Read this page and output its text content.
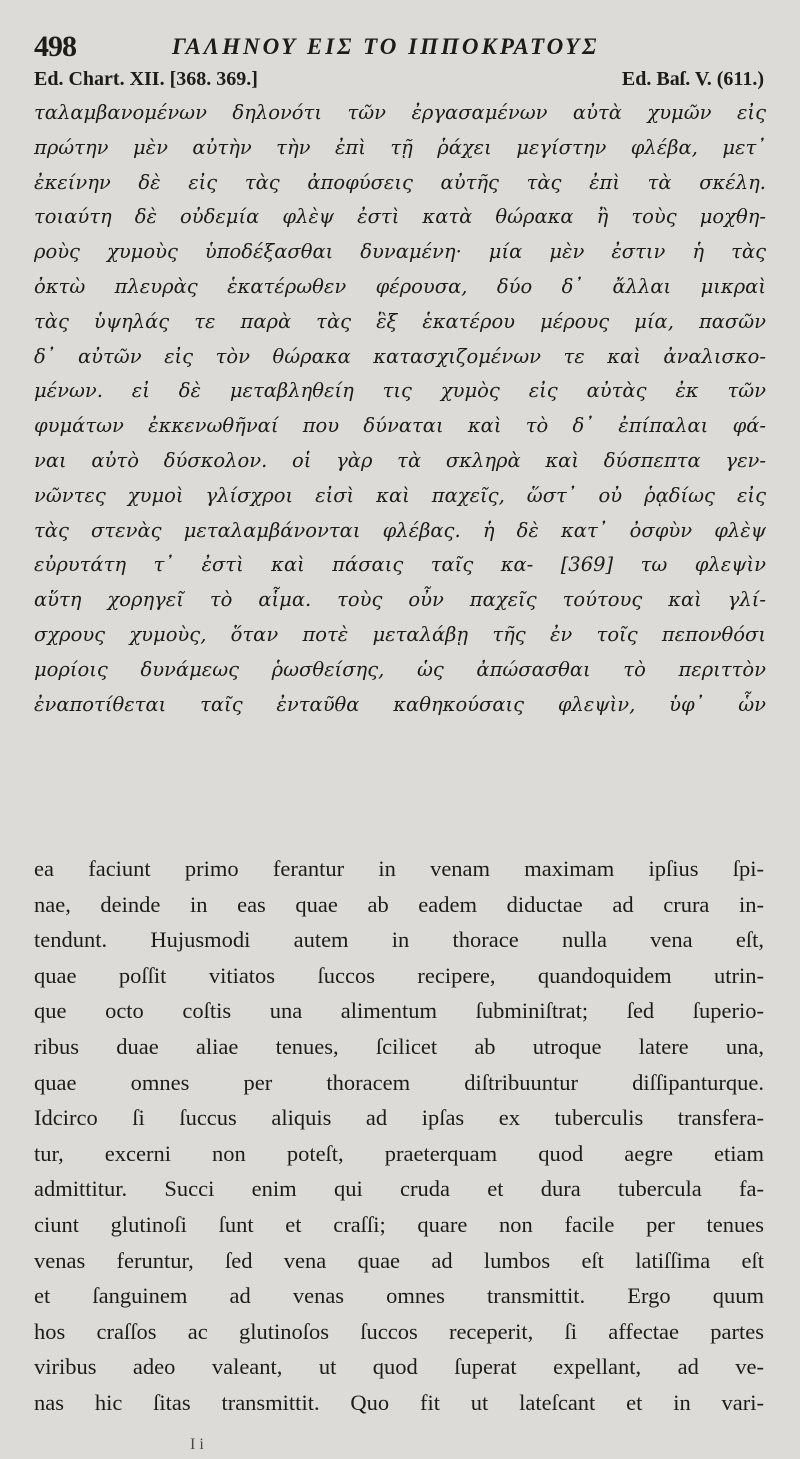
498	ΓΑΛΗΝΟΥ ΕΙΣ ΤΟ ΙΠΠΟΚΡΑΤΟΥΣ
Ed. Chart. XII. [368. 369.]	Ed. Baſ. V. (611.)
ταλαμβανομένων δηλονότι τῶν ἐργασαμένων αὐτὰ χυμῶν εἰς
πρώτην μὲν αὐτὴν τὴν ἐπὶ τῇ ῥάχει μεγίστην φλέβα, μετ᾽
ἐκείνην δὲ εἰς τὰς ἀποφύσεις αὐτῆς τὰς ἐπὶ τὰ σκέλη.
τοιαύτη δὲ οὐδεμία φλὲψ ἐστὶ κατὰ θώρακα ἢ τοὺς μοχθη-
ροὺς χυμοὺς ὑποδέξασθαι δυναμένη· μία μὲν ἐστιν ἡ τὰς
ὀκτὼ πλευρὰς ἑκατέρωθεν φέρουσα, δύο δ᾽ ἄλλαι μικραὶ
τὰς ὑψηλάς τε παρὰ τὰς ἓξ ἑκατέρου μέρους μία, πασῶν
δ᾽ αὐτῶν εἰς τὸν θώρακα κατασχιζομένων τε καὶ ἀναλισκο-
μένων. εἰ δὲ μεταβληθείη τις χυμὸς εἰς αὐτὰς ἐκ τῶν
φυμάτων ἐκκενωθῆναί που δύναται καὶ τὸ δ᾽ ἐπίπαλαι φά-
ναι αὐτὸ δύσκολον. οἱ γὰρ τὰ σκληρὰ καὶ δύσπεπτα γεν-
νῶντες χυμοὶ γλίσχροι εἰσὶ καὶ παχεῖς, ὥστ᾽ οὐ ῥᾳδίως εἰς
τὰς στενὰς μεταλαμβάνονται φλέβας. ἡ δὲ κατ᾽ ὀσφὺν φλὲψ
εὐρυτάτη τ᾽ ἐστὶ καὶ πάσαις ταῖς κα- [369] τω φλεψὶν
αὕτη χορηγεῖ τὸ αἷμα. τοὺς οὖν παχεῖς τούτους καὶ γλί-
σχρους χυμοὺς, ὅταν ποτὲ μεταλάβῃ τῆς ἐν τοῖς πεπονθόσι
μορίοις δυνάμεως ῥωσθείσης, ὡς ἀπώσασθαι τὸ περιττὸν
ἐναποτίθεται ταῖς ἐνταῦθα καθηκούσαις φλεψὶν, ὑφ᾽ ὧν
ea faciunt primo ferantur in venam maximam ipſius ſpi-
nae, deinde in eas quae ab eadem diductae ad crura in-
tendunt. Hujusmodi autem in thorace nulla vena eſt,
quae poſſit vitiatos ſuccos recipere, quandoquidem utrin-
que octo coſtis una alimentum ſubminiſtrat; ſed ſuperio-
ribus duae aliae tenues, ſcilicet ab utroque latere una,
quae omnes per thoracem diſtribuuntur diſſipanturque.
Idcirco ſi ſuccus aliquis ad ipſas ex tuberculis transfera-
tur, excerni non poteſt, praeterquam quod aegre etiam
admittitur. Succi enim qui cruda et dura tubercula fa-
ciunt glutinoſi ſunt et craſſi; quare non facile per tenues
venas feruntur, ſed vena quae ad lumbos eſt latiſſima eſt
et ſanguinem ad venas omnes transmittit. Ergo quum
hos craſſos ac glutinoſos ſuccos receperit, ſi affectae partes
viribus adeo valeant, ut quod ſuperat expellant, ad ve-
nas hic ſitas transmittit. Quo fit ut lateſcant et in vari-
I i
